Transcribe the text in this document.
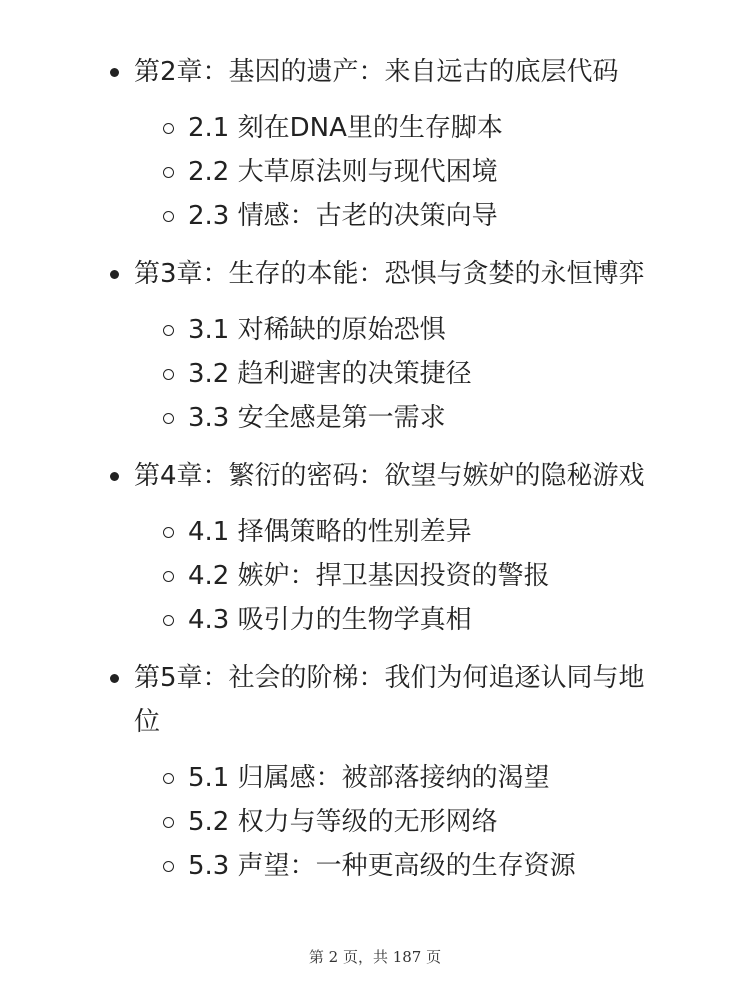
第2章：基因的遗产：来自远古的底层代码
2.1 刻在DNA里的生存脚本
2.2 大草原法则与现代困境
2.3 情感：古老的决策向导
第3章：生存的本能：恐惧与贪婪的永恒博弈
3.1 对稀缺的原始恐惧
3.2 趋利避害的决策捷径
3.3 安全感是第一需求
第4章：繁衍的密码：欲望与嫉妒的隐秘游戏
4.1 择偶策略的性别差异
4.2 嫉妒：捍卫基因投资的警报
4.3 吸引力的生物学真相
第5章：社会的阶梯：我们为何追逐认同与地位
5.1 归属感：被部落接纳的渴望
5.2 权力与等级的无形网络
5.3 声望：一种更高级的生存资源
第 2 页，共 187 页
